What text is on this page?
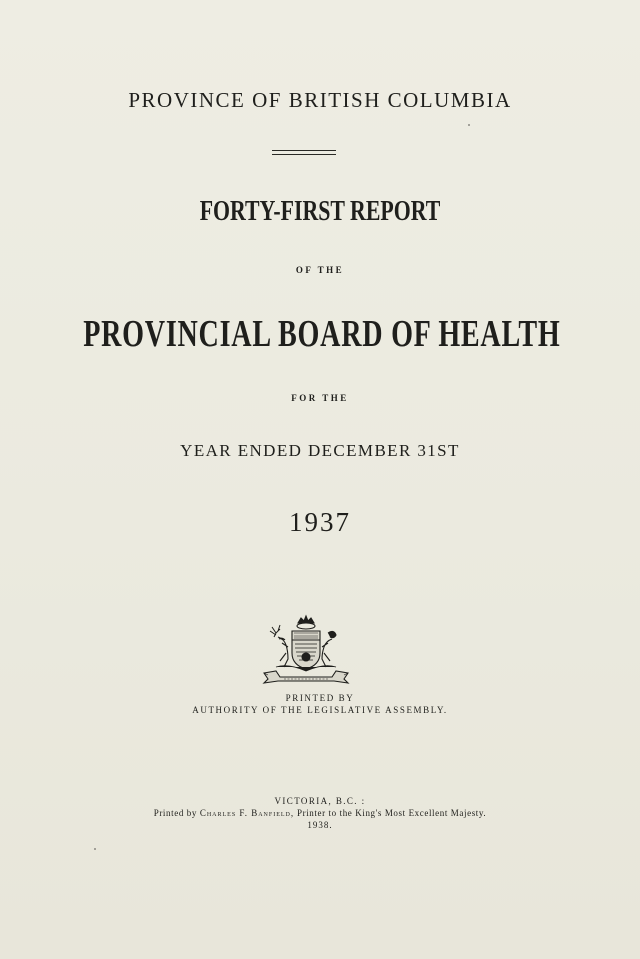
PROVINCE OF BRITISH COLUMBIA
FORTY-FIRST REPORT
OF THE
PROVINCIAL BOARD OF HEALTH
FOR THE
YEAR ENDED DECEMBER 31ST
1937
PRINTED BY
AUTHORITY OF THE LEGISLATIVE ASSEMBLY.
VICTORIA, B.C. :
Printed by Charles F. Banfield, Printer to the King's Most Excellent Majesty.
1938.
